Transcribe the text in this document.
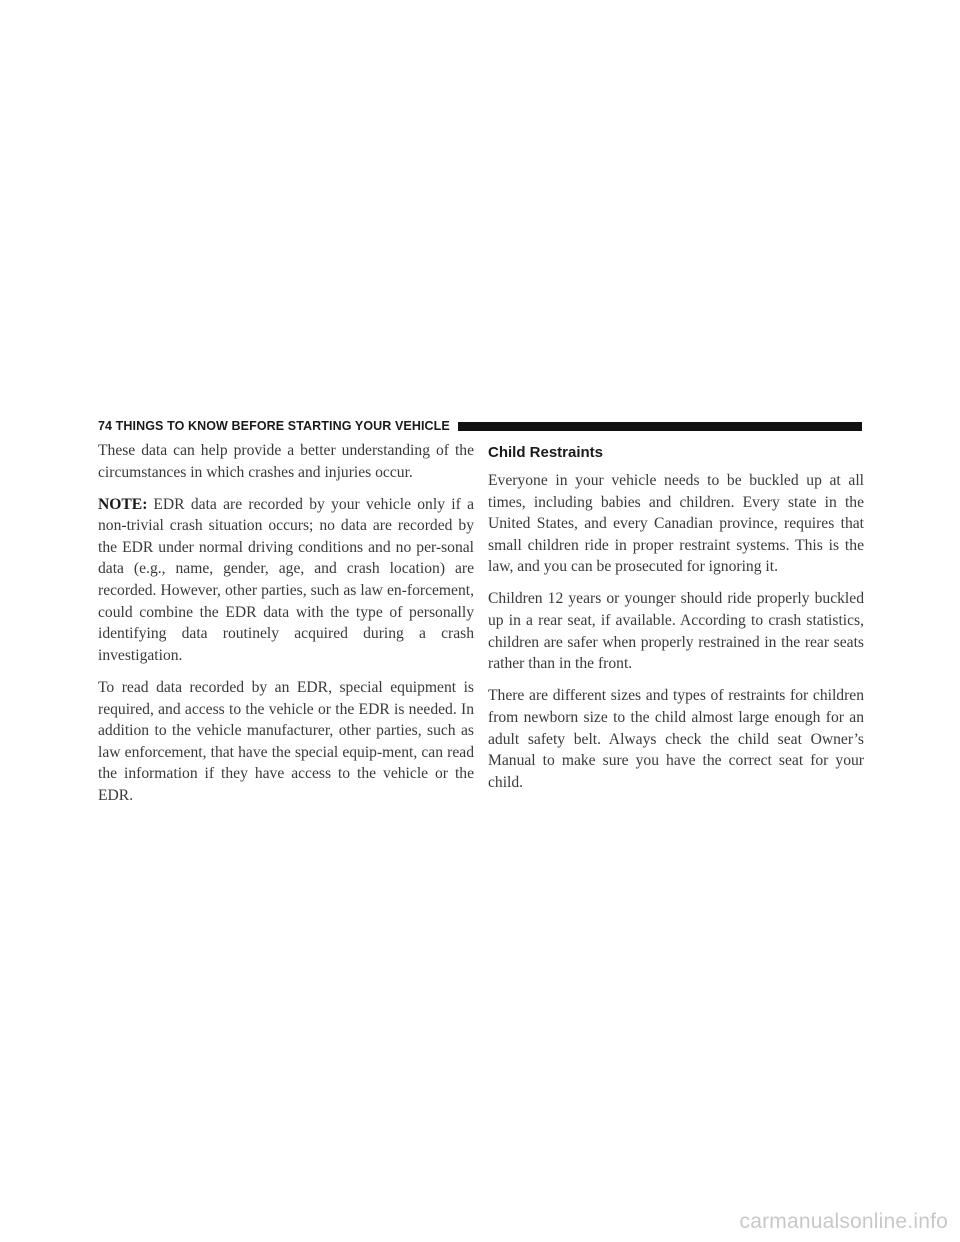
74 THINGS TO KNOW BEFORE STARTING YOUR VEHICLE

These data can help provide a better understanding of the circumstances in which crashes and injuries occur.

NOTE: EDR data are recorded by your vehicle only if a non-trivial crash situation occurs; no data are recorded by the EDR under normal driving conditions and no per-sonal data (e.g., name, gender, age, and crash location) are recorded. However, other parties, such as law en-forcement, could combine the EDR data with the type of personally identifying data routinely acquired during a crash investigation.

To read data recorded by an EDR, special equipment is required, and access to the vehicle or the EDR is needed. In addition to the vehicle manufacturer, other parties, such as law enforcement, that have the special equip-ment, can read the information if they have access to the vehicle or the EDR.

Child Restraints

Everyone in your vehicle needs to be buckled up at all times, including babies and children. Every state in the United States, and every Canadian province, requires that small children ride in proper restraint systems. This is the law, and you can be prosecuted for ignoring it.

Children 12 years or younger should ride properly buckled up in a rear seat, if available. According to crash statistics, children are safer when properly restrained in the rear seats rather than in the front.

There are different sizes and types of restraints for children from newborn size to the child almost large enough for an adult safety belt. Always check the child seat Owner’s Manual to make sure you have the correct seat for your child.

carmanualsonline.info
